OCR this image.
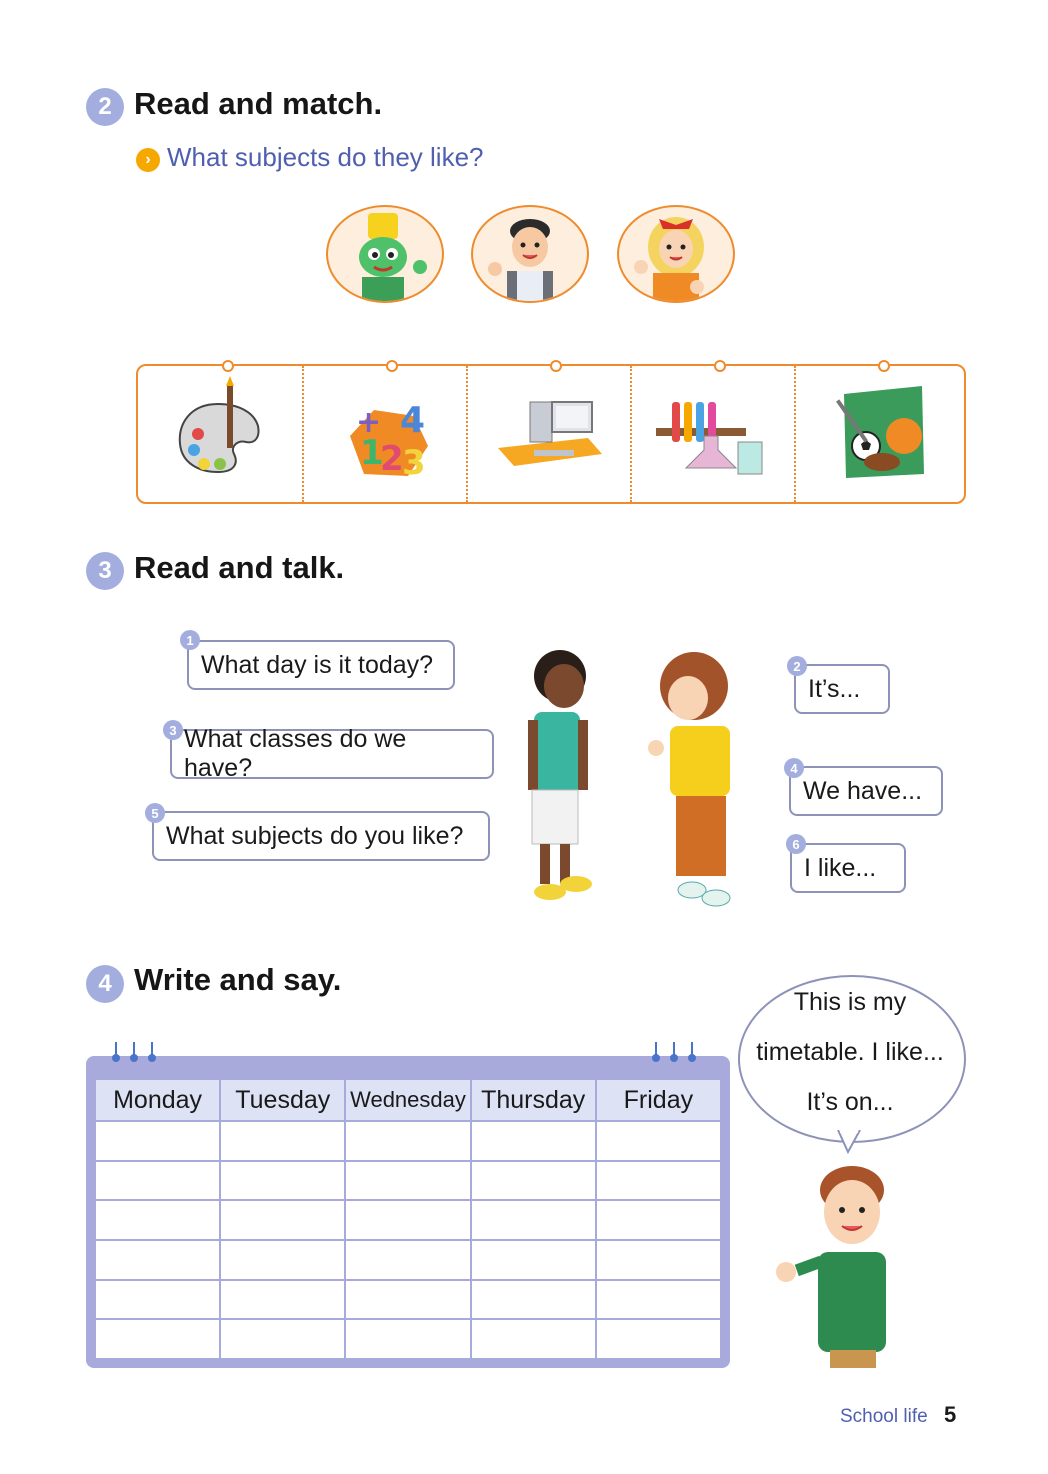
2 Read and match.
› What subjects do they like?
+ 4
1
2
3
3 Read and talk.
What day is it today?
1
It’s...
2
What classes do we have?
3
We have...
4
What subjects do you like?
5
I like...
6
4 Write and say.
Monday	Tuesday Wednesday Thursday	Friday
This is my
timetable. I like...
It’s on...
School life 5
